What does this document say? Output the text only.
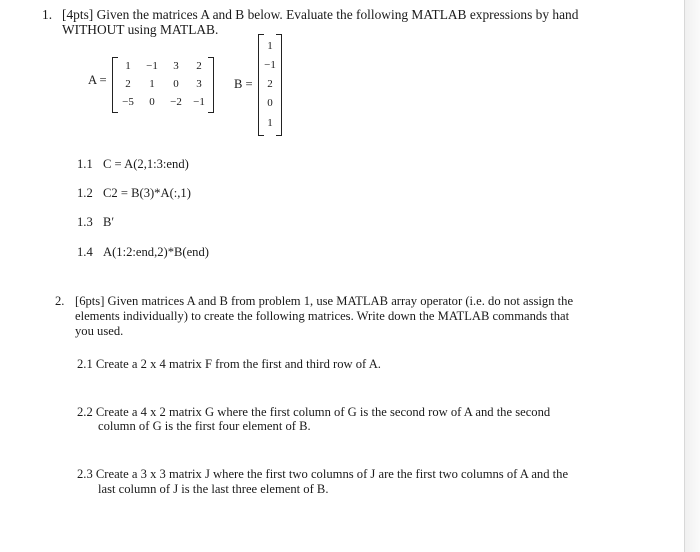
1. [4pts] Given the matrices A and B below. Evaluate the following MATLAB expressions by hand
WITHOUT using MATLAB.
A =
1	−1	3	2
2	1	0	3
−5	0	−2	−1
B =
1
−1
2
0
1
1.1 C = A(2,1:3:end)
1.2 C2 = B(3)*A(:,1)
1.3 B′
1.4 A(1:2:end,2)*B(end)
2. [6pts] Given matrices A and B from problem 1, use MATLAB array operator (i.e. do not assign the
elements individually) to create the following matrices. Write down the MATLAB commands that
you used.
2.1 Create a 2 x 4 matrix F from the first and third row of A.
2.2 Create a 4 x 2 matrix G where the first column of G is the second row of A and the second
column of G is the first four element of B.
2.3 Create a 3 x 3 matrix J where the first two columns of J are the first two columns of A and the
last column of J is the last three element of B.
